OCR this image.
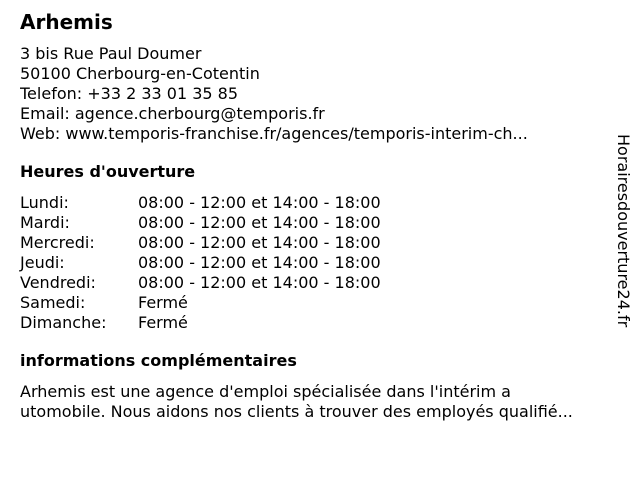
Arhemis
3 bis Rue Paul Doumer
50100 Cherbourg-en-Cotentin
Telefon: +33 2 33 01 35 85
Email: agence.cherbourg@temporis.fr
Web: www.temporis-franchise.fr/agences/temporis-interim-ch...
Heures d'ouverture
Lundi:	08:00 - 12:00 et 14:00 - 18:00
Mardi:	08:00 - 12:00 et 14:00 - 18:00
Mercredi:	08:00 - 12:00 et 14:00 - 18:00
Jeudi:	08:00 - 12:00 et 14:00 - 18:00
Vendredi:	08:00 - 12:00 et 14:00 - 18:00
Samedi:	Fermé
Dimanche:	Fermé
informations complémentaires
Arhemis est une agence d'emploi spécialisée dans l'intérim a
utomobile. Nous aidons nos clients à trouver des employés qualifié...
Horairesdouverture24.fr
